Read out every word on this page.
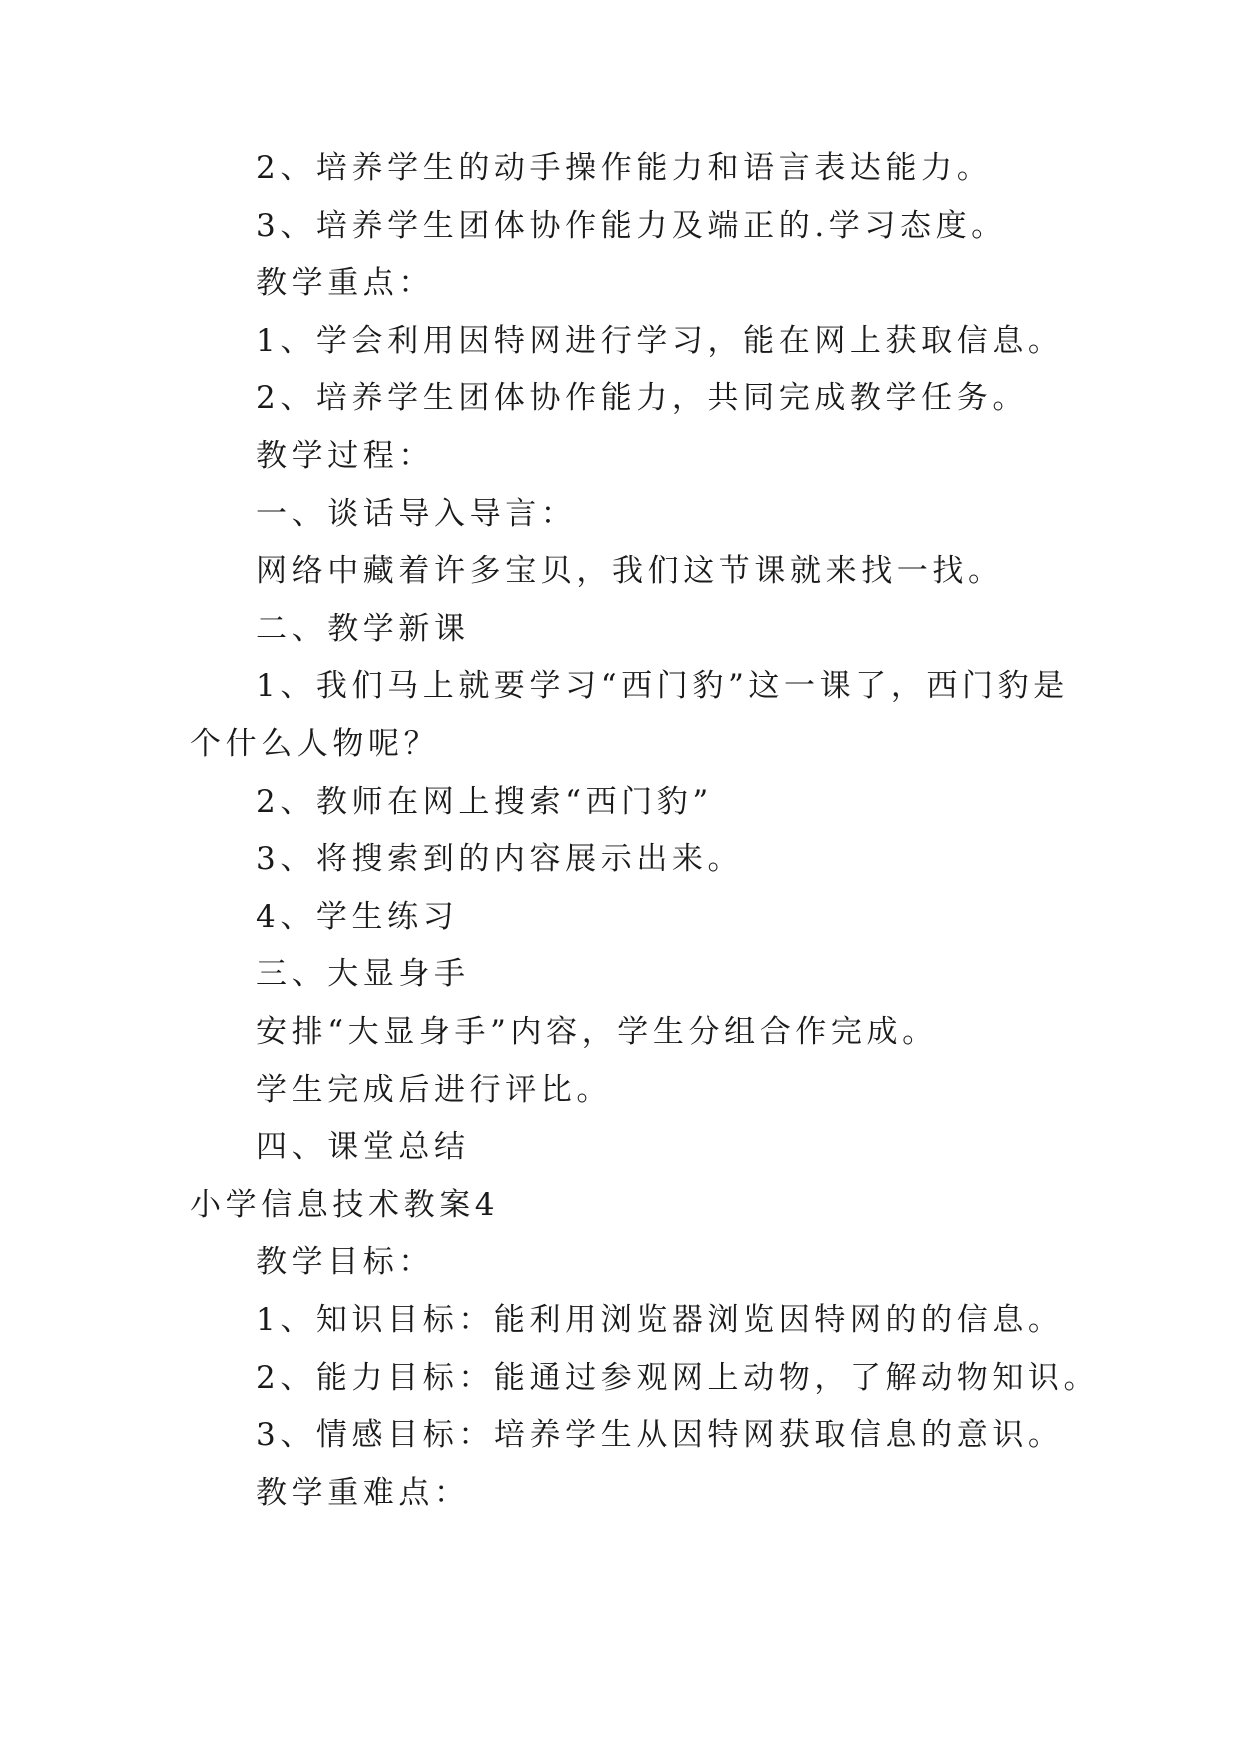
2、培养学生的动手操作能力和语言表达能力。
3、培养学生团体协作能力及端正的.学习态度。
教学重点：
1、学会利用因特网进行学习，能在网上获取信息。
2、培养学生团体协作能力，共同完成教学任务。
教学过程：
一、谈话导入导言：
网络中藏着许多宝贝，我们这节课就来找一找。
二、教学新课
1、我们马上就要学习“西门豹”这一课了，西门豹是
个什么人物呢？
2、教师在网上搜索“西门豹”
3、将搜索到的内容展示出来。
4、学生练习
三、大显身手
安排“大显身手”内容，学生分组合作完成。
学生完成后进行评比。
四、课堂总结
小学信息技术教案4
教学目标：
1、知识目标：能利用浏览器浏览因特网的的信息。
2、能力目标：能通过参观网上动物，了解动物知识。
3、情感目标：培养学生从因特网获取信息的意识。
教学重难点：
